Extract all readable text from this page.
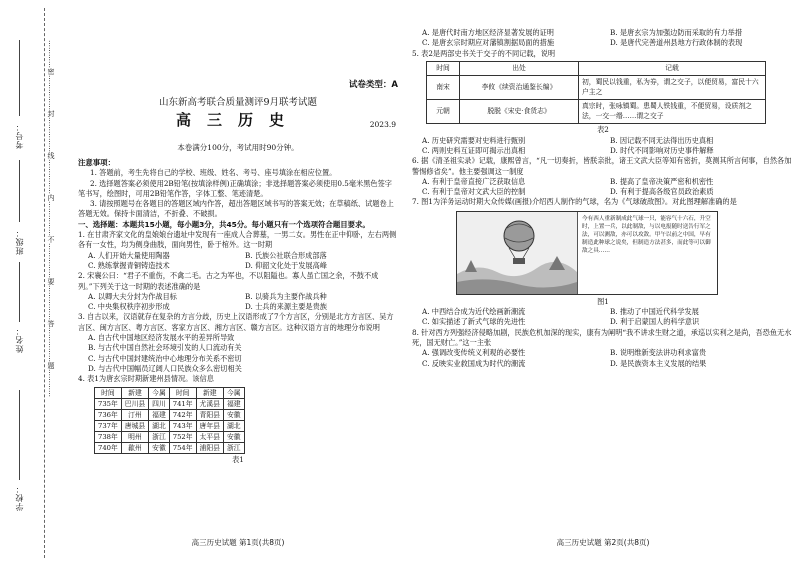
考号：
班级：
姓名：
学校：
…………密……………封……………线……………内……………不……………要……………答……………题…………	试卷类型：A
山东新高考联合质量测评9月联考试题
高三历史	2023.9
本卷满分100分，考试用时90分钟。

注意事项：

1. 答题前，考生先将自己的学校、班级、姓名、考号、座号填涂在相应位置。

2. 选择题答案必须使用2B铅笔(按填涂样例)正确填涂；非选择题答案必须使用0.5毫米黑色签字笔书写，绘图时，可用2B铅笔作答，字体工整、笔迹清楚。

3. 请按照题号在各题目的答题区域内作答，超出答题区域书写的答案无效；在草稿纸、试题卷上答题无效。保持卡面清洁，不折叠、不破损。

一、选择题：本题共15小题，每小题3分，共45分。每小题只有一个选项符合题目要求。

1. 在甘肃齐家文化的皇娘娘台遗址中发现有一座成人合葬墓，一男二女。男性在正中仰卧，左右两侧各有一女性，均为侧身曲肢，面向男性，卧于棺外。这一时期

A. 人们开始大量使用陶器	B. 氏族公社联合形成部落
C. 熟练掌握青铜铸造技术	D. 仰韶文化处于发展高峰

2. 宋襄公曰：“君子不重伤，不禽二毛。古之为军也，不以阻隘也。寡人虽亡国之余，不鼓不成列。”下列关于这一时期的表述准确的是

A. 以卿大夫分封为作战目标	B. 以骑兵为主要作战兵种
C. 中央集权秩序初步形成	D. 士兵的来源主要是贵族

3. 自古以来，汉语就存在复杂的方言分歧，历史上汉语形成了7个方言区，分别是北方方言区、吴方言区、闽方言区、粤方言区、客家方言区、湘方言区、赣方言区。这种汉语方言的地理分布说明

A. 自古代中国地区经济发展水平的差异所导致
B. 与古代中国自然社会环境引发的人口流动有关
C. 与古代中国封建统治中心地理分布关系不密切
D. 与古代中国幅员辽阔人口民族众多么密切相关

4. 表1为唐玄宗时期新建州县情况。该信息

时间	新建	今属	时间	新建	今属
735年	巴川县	四川	741年	尤溪县	福建
736年	汀州	福建	742年	青阳县	安徽
737年	唐城县	湖北	743年	唐年县	湖北
738年	明州	浙江	752年	太平县	安徽
740年	歙州	安徽	754年	浦阳县	浙江
表1
高三历史试题 第1页(共8页)
A. 是唐代时南方地区经济显著发展的证明	B. 是唐玄宗为加强边防而采取的有力举措
C. 是唐玄宗时期应对藩镇割据局面的措施	D. 是唐代完善道州县地方行政体制的表现

5. 表2是两部史书关于交子的不同记载，说明

时间	出处	记载
南宋	李攸《续资治通鉴长编》	初，蜀民以钱重，私为券，谓之交子，以便贸易，富民十六户主之
元朝	脱脱《宋史·食货志》	真宗时，张咏镇蜀。患蜀人铁钱重，不便贸易，设质剂之法，一交一缗……谓之交子
表2
A. 历史研究需要对史料进行甄别	B. 因记载不同无法得出历史真相
C. 两则史料互证即可揭示出真相	D. 时代不同影响对历史事件解释

6. 据《清圣祖实录》记载，康熙曾言，“凡一切奏折，皆朕亲批，诸王文武大臣等知有密折，莫测其所言何事，自然各加警惕修省矣”。他主要强调这一制度

A. 有利于皇帝直接广泛获取信息	B. 提高了皇帝决策严密和机密性
C. 有利于皇帝对文武大臣的控制	D. 有利于提高各级官员政治素质

7. 图1为洋务运动时期大众传媒(画报)介绍西人制作的气球，名为《气球破敌图》。对此图理解准确的是

今有西人重新制成此气球一只，能容气十六石，升空时，上置一兵，以此制敌，与以电报随时送告行军之法，可以测敌，亦可以攻敌。甲午以前之中国，早有制造此种球之说矣，但制造方法甚多，而此等可以御敌之具……
图1
A. 中西结合成为近代绘画新潮流	B. 推动了中国近代科学发展
C. 如实描述了新式气球的先进性	D. 利于启蒙国人的科学意识

8. 针对西方列强经济侵略加剧，民族危机加深的现实，康有为阐明“我不讲求生财之道，承巡以实利之是尚，吾恐鱼无水死，国无财亡。”这一主张

A. 强调改变传统义利观的必要性	B. 说明维新变法讲功利求富贵
C. 反映实业救国成为时代的潮流	D. 是民族资本主义发展的结果
高三历史试题 第2页(共8页)
